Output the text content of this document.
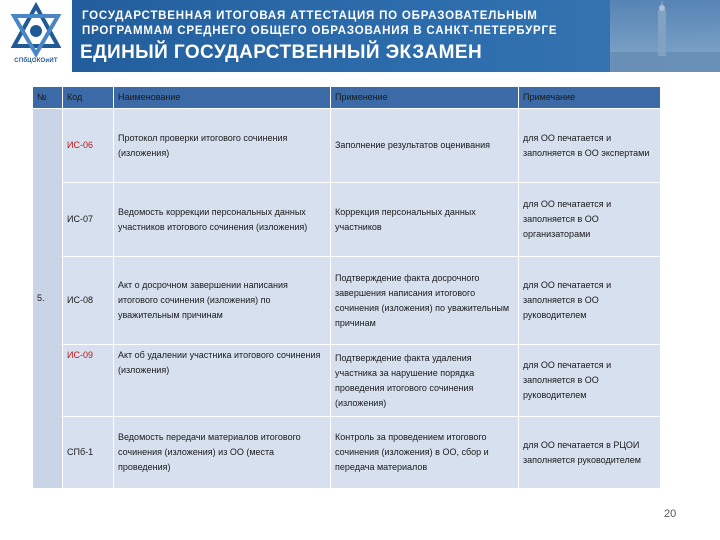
СПбЦОКОиИТ
ГОСУДАРСТВЕННАЯ ИТОГОВАЯ АТТЕСТАЦИЯ ПО ОБРАЗОВАТЕЛЬНЫМ
ПРОГРАММАМ СРЕДНЕГО ОБЩЕГО ОБРАЗОВАНИЯ В САНКТ-ПЕТЕРБУРГЕ
ЕДИНЫЙ ГОСУДАРСТВЕННЫЙ ЭКЗАМЕН
№	Код	Наименование	Применение	Примечание
5.	ИС-06	Протокол проверки итогового сочинения (изложения)	Заполнение результатов оценивания	для ОО печатается и заполняется в ОО экспертами
	ИС-07	Ведомость коррекции персональных данных участников итогового сочинения (изложения)	Коррекция персональных данных участников	для ОО печатается и заполняется в ОО организаторами
	ИС-08	Акт о досрочном завершении написания итогового сочинения (изложения) по уважительным причинам	Подтверждение факта досрочного завершения написания итогового сочинения (изложения) по уважительным причинам	для ОО печатается и заполняется в ОО руководителем
	ИС-09	Акт об удалении участника итогового сочинения (изложения)	Подтверждение факта удаления участника за нарушение порядка проведения итогового сочинения (изложения)	для ОО печатается и заполняется в ОО руководителем
	СПб-1	Ведомость передачи материалов итогового сочинения (изложения) из ОО (места проведения)	Контроль за проведением итогового сочинения (изложения) в ОО, сбор и передача материалов	для ОО печатается в РЦОИ заполняется руководителем
20
